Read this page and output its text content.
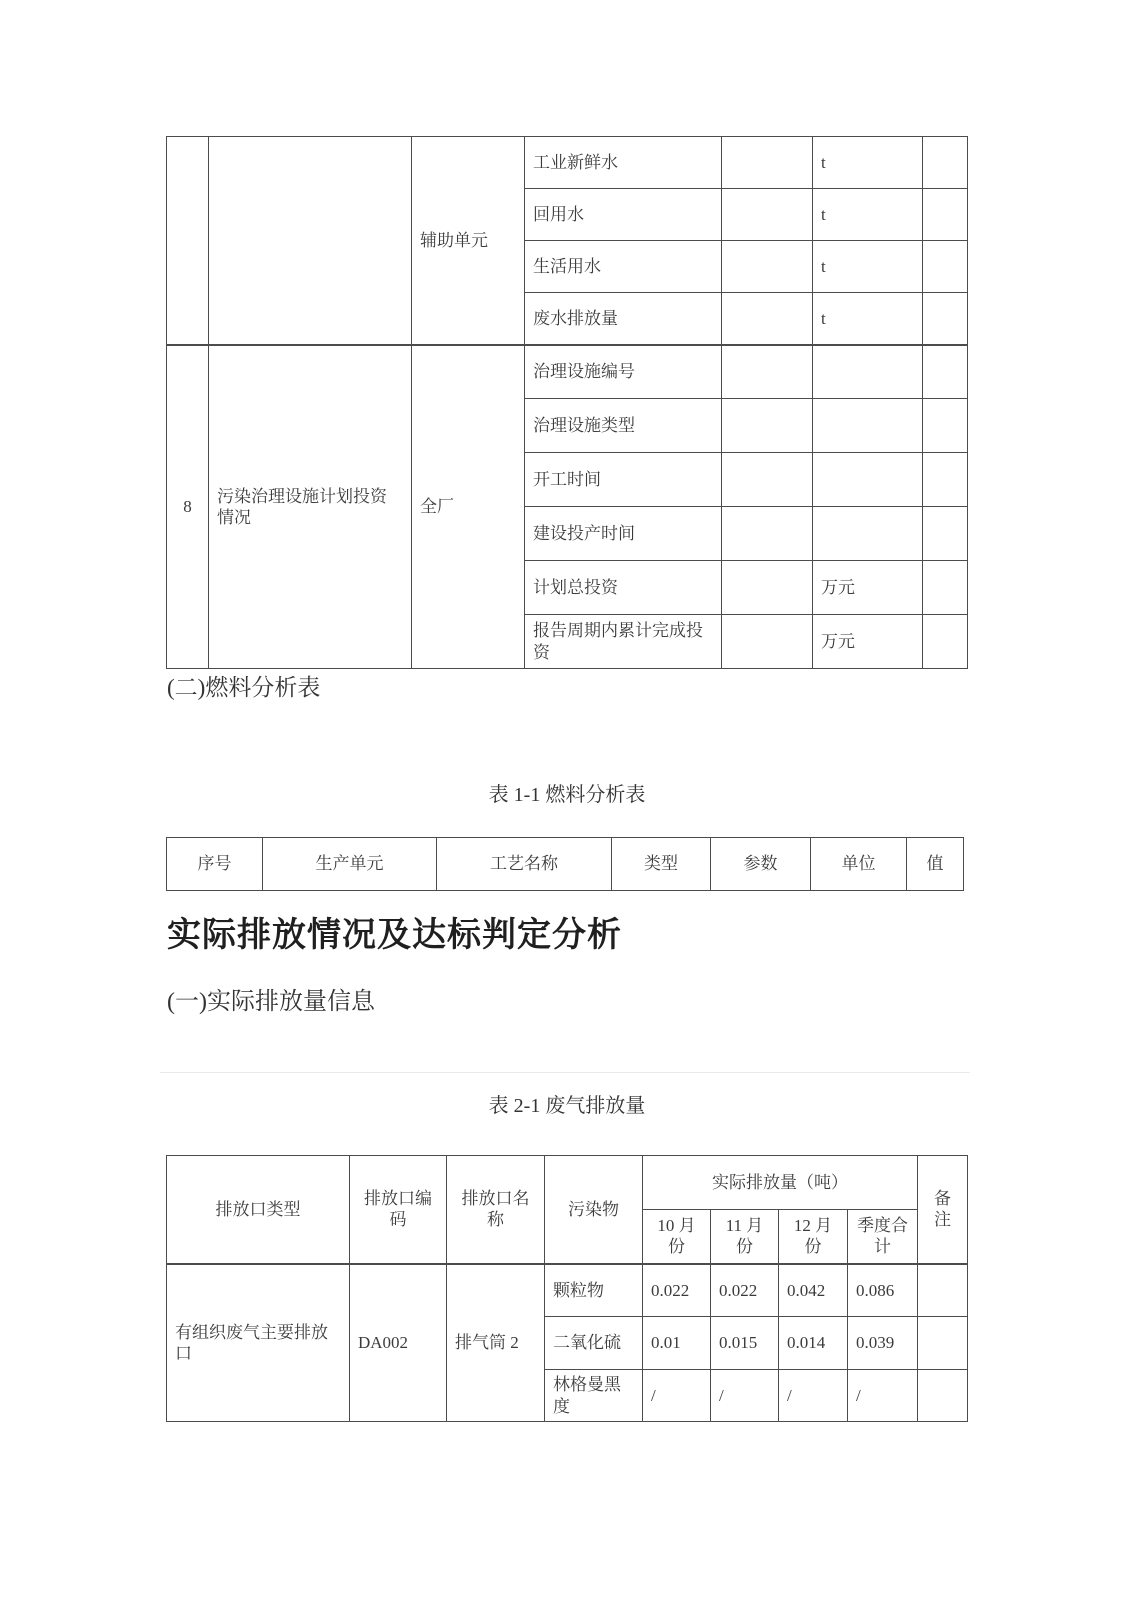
		辅助单元	工业新鲜水		t	
			回用水		t	
			生活用水		t	
			废水排放量		t	
8	污染治理设施计划投资情况	全厂	治理设施编号			
			治理设施类型			
			开工时间			
			建设投产时间			
			计划总投资		万元	
			报告周期内累计完成投资		万元	
(二)燃料分析表
表 1-1 燃料分析表
序号	生产单元	工艺名称	类型	参数	单位	值
实际排放情况及达标判定分析
(一)实际排放量信息
表 2-1 废气排放量
排放口类型	排放口编码	排放口名称	污染物	实际排放量（吨）				备注
				10 月份	11 月份	12 月份	季度合计	
有组织废气主要排放口	DA002	排气筒 2	颗粒物	0.022	0.022	0.042	0.086	
			二氧化硫	0.01	0.015	0.014	0.039	
			林格曼黑度	/	/	/	/	
